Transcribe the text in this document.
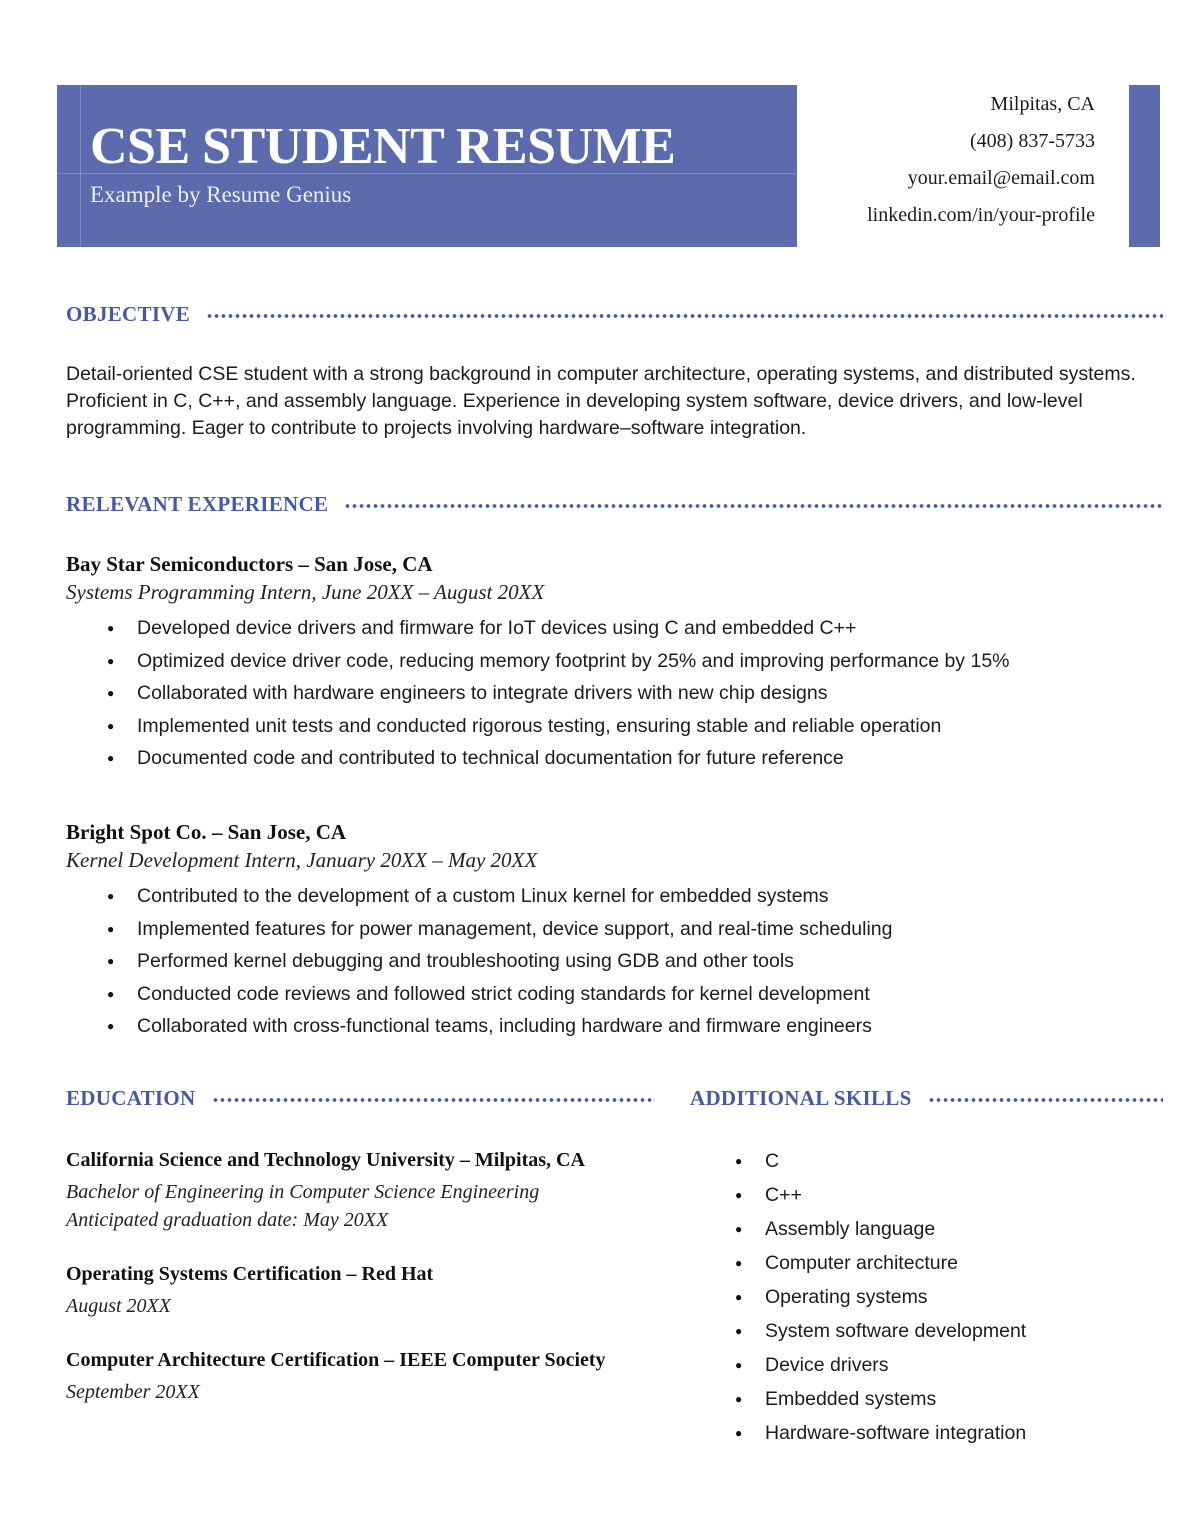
CSE STUDENT RESUME
Example by Resume Genius
Milpitas, CA
(408) 837-5733
your.email@email.com
linkedin.com/in/your-profile
OBJECTIVE

Detail-oriented CSE student with a strong background in computer architecture, operating systems, and distributed systems. Proficient in C, C++, and assembly language. Experience in developing system software, device drivers, and low-level programming. Eager to contribute to projects involving hardware–software integration.

RELEVANT EXPERIENCE
Bay Star Semiconductors – San Jose, CA
Systems Programming Intern, June 20XX – August 20XX
●	Developed device drivers and firmware for IoT devices using C and embedded C++
●	Optimized device driver code, reducing memory footprint by 25% and improving performance by 15%
●	Collaborated with hardware engineers to integrate drivers with new chip designs
●	Implemented unit tests and conducted rigorous testing, ensuring stable and reliable operation
●	Documented code and contributed to technical documentation for future reference
Bright Spot Co. – San Jose, CA
Kernel Development Intern, January 20XX – May 20XX
●	Contributed to the development of a custom Linux kernel for embedded systems
●	Implemented features for power management, device support, and real-time scheduling
●	Performed kernel debugging and troubleshooting using GDB and other tools
●	Conducted code reviews and followed strict coding standards for kernel development
●	Collaborated with cross-functional teams, including hardware and firmware engineers
EDUCATION
California Science and Technology University – Milpitas, CA
Bachelor of Engineering in Computer Science Engineering
Anticipated graduation date: May 20XX
Operating Systems Certification – Red Hat
August 20XX
Computer Architecture Certification – IEEE Computer Society
September 20XX
ADDITIONAL SKILLS
●	C
●	C++
●	Assembly language
●	Computer architecture
●	Operating systems
●	System software development
●	Device drivers
●	Embedded systems
●	Hardware-software integration
